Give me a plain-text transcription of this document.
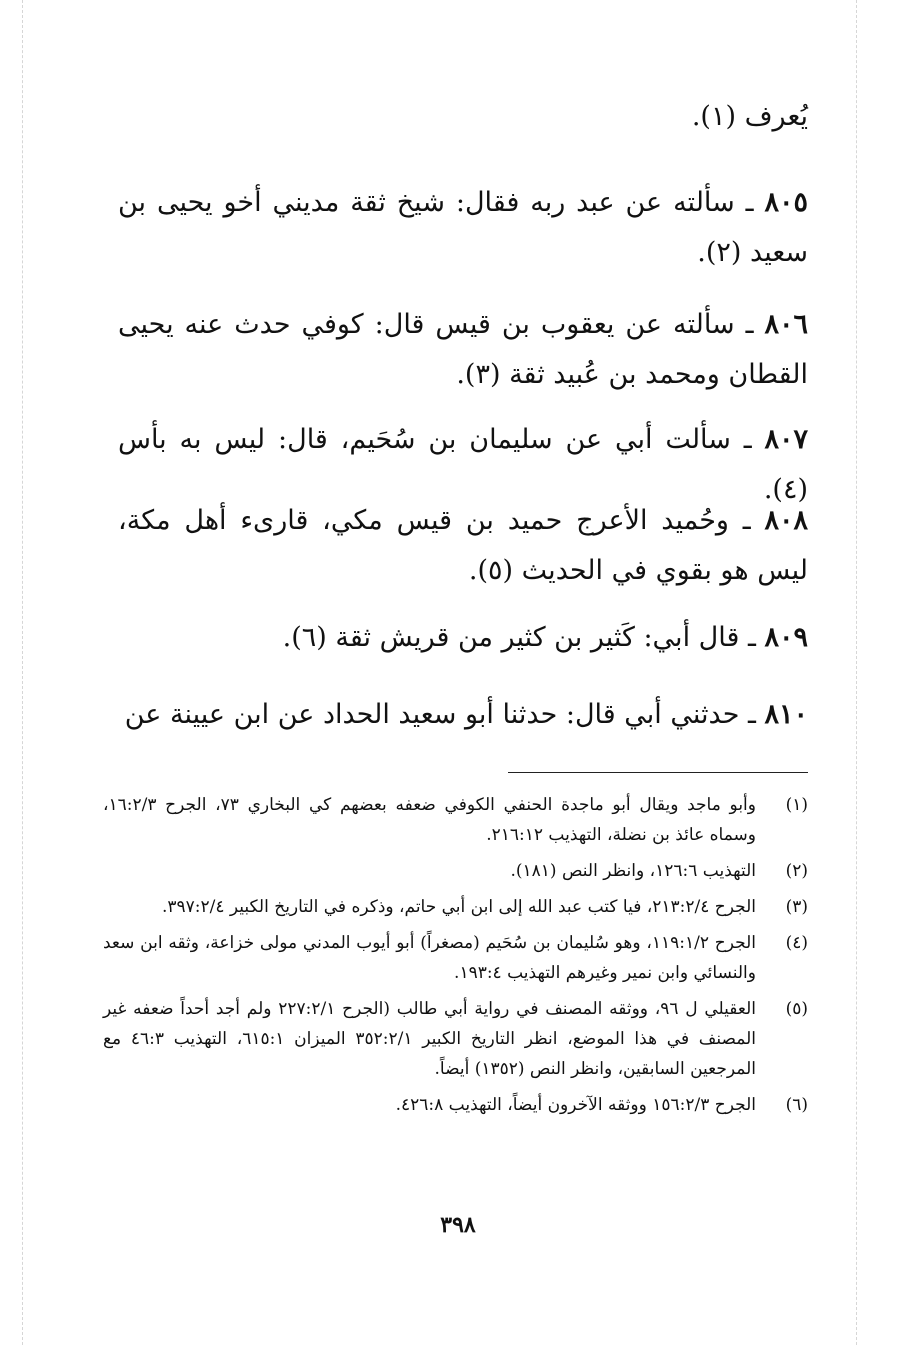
يُعرف (١).

٨٠٥ ـ سألته عن عبد ربه فقال: شيخ ثقة مديني أخو يحيى بن سعيد (٢).

٨٠٦ ـ سألته عن يعقوب بن قيس قال: كوفي حدث عنه يحيى القطان ومحمد بن عُبيد ثقة (٣).

٨٠٧ ـ سألت أبي عن سليمان بن سُحَيم، قال: ليس به بأس (٤).

٨٠٨ ـ وحُميد الأعرج حميد بن قيس مكي، قارىء أهل مكة، ليس هو بقوي في الحديث (٥).

٨٠٩ ـ قال أبي: كَثير بن كثير من قريش ثقة (٦).

٨١٠ ـ حدثني أبي قال: حدثنا أبو سعيد الحداد عن ابن عيينة عن

(١)
وأبو ماجد ويقال أبو ماجدة الحنفي الكوفي ضعفه بعضهم كي البخاري ٧٣، الجرح ١٦:٢/٣، وسماه عائذ بن نضلة، التهذيب ٢١٦:١٢.
(٢)
التهذيب ١٢٦:٦، وانظر النص (١٨١).
(٣)
الجرح ٢١٣:٢/٤، فيا كتب عبد الله إلى ابن أبي حاتم، وذكره في التاريخ الكبير ٣٩٧:٢/٤.
(٤)
الجرح ١١٩:١/٢، وهو سُليمان بن سُحَيم (مصغراً) أبو أيوب المدني مولى خزاعة، وثقه ابن سعد والنسائي وابن نمير وغيرهم التهذيب ١٩٣:٤.
(٥)
العقيلي ل ٩٦، ووثقه المصنف في رواية أبي طالب (الجرح ٢٢٧:٢/١ ولم أجد أحداً ضعفه غير المصنف في هذا الموضع، انظر التاريخ الكبير ٣٥٢:٢/١ الميزان ٦١٥:١، التهذيب ٤٦:٣ مع المرجعين السابقين، وانظر النص (١٣٥٢) أيضاً.
(٦)
الجرح ١٥٦:٢/٣ ووثقه الآخرون أيضاً، التهذيب ٤٢٦:٨.
٣٩٨
